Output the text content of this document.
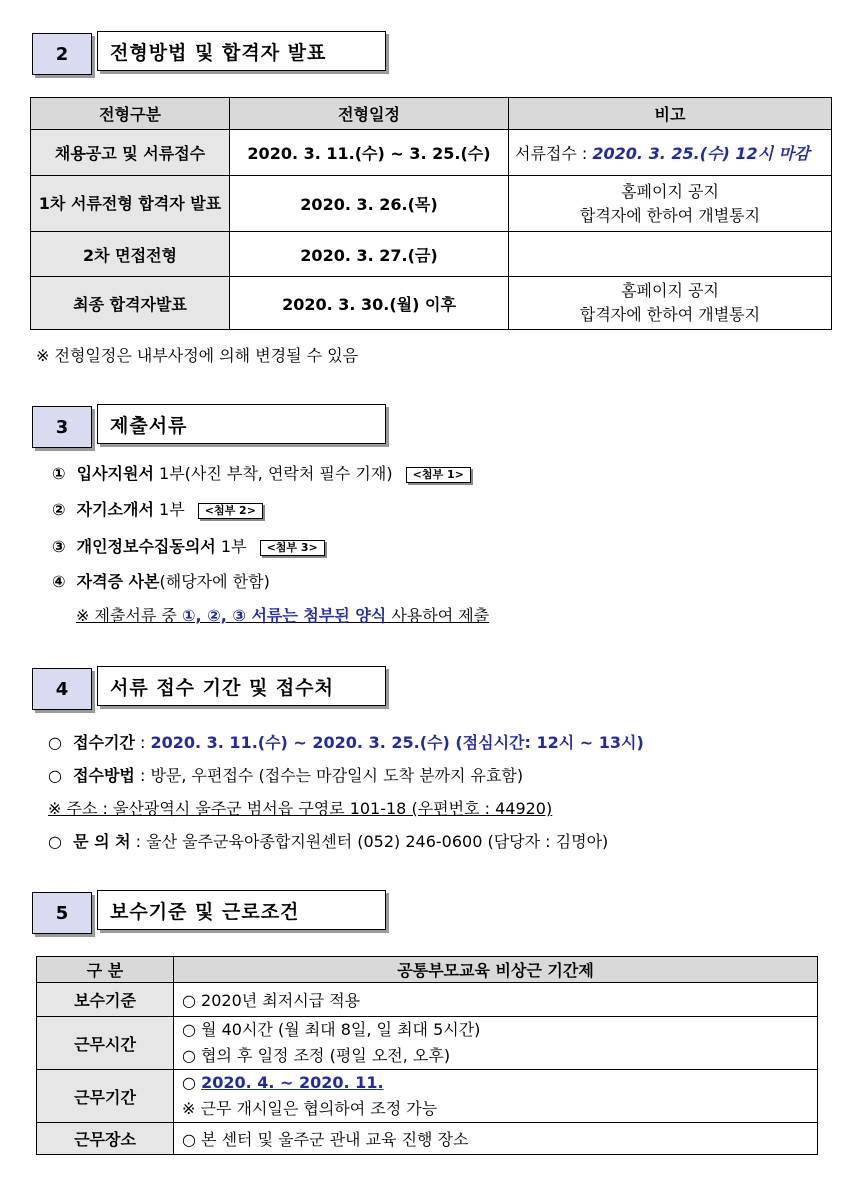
2	전형방법 및 합격자 발표
전형구분	전형일정	비고
채용공고 및 서류접수	2020. 3. 11.(수) ~ 3. 25.(수)	서류접수 : 2020. 3. 25.(수) 12시 마감
1차 서류전형 합격자 발표	2020. 3. 26.(목)	홈페이지 공지
합격자에 한하여 개별통지

2차 면접전형	2020. 3. 27.(금)	
최종 합격자발표	2020. 3. 30.(월) 이후	홈페이지 공지
합격자에 한하여 개별통지
※ 전형일정은 내부사정에 의해 변경될 수 있음
3	제출서류
① 입사지원서 1부(사진 부착, 연락처 필수 기재) <첨부 1>
② 자기소개서 1부 <첨부 2>
③ 개인정보수집동의서 1부 <첨부 3>
④ 자격증 사본(해당자에 한함)
※ 제출서류 중 ①, ②, ③ 서류는 첨부된 양식 사용하여 제출
4	서류 접수 기간 및 접수처
○ 접수기간 : 2020. 3. 11.(수) ~ 2020. 3. 25.(수) (점심시간: 12시 ~ 13시)
○ 접수방법 : 방문, 우편접수 (접수는 마감일시 도착 분까지 유효함)
※ 주소 : 울산광역시 울주군 범서읍 구영로 101-18 (우편번호 : 44920)
○ 문 의 처 : 울산 울주군육아종합지원센터 (052) 246-0600 (담당자 : 김명아)
5	보수기준 및 근로조건
구 분	공통부모교육 비상근 기간제
보수기준	○ 2020년 최저시급 적용
근무시간	○ 월 40시간 (월 최대 8일, 일 최대 5시간)
○ 협의 후 일정 조정 (평일 오전, 오후)

근무기간	○ 2020. 4. ~ 2020. 11.
※ 근무 개시일은 협의하여 조정 가능

근무장소	○ 본 센터 및 울주군 관내 교육 진행 장소
